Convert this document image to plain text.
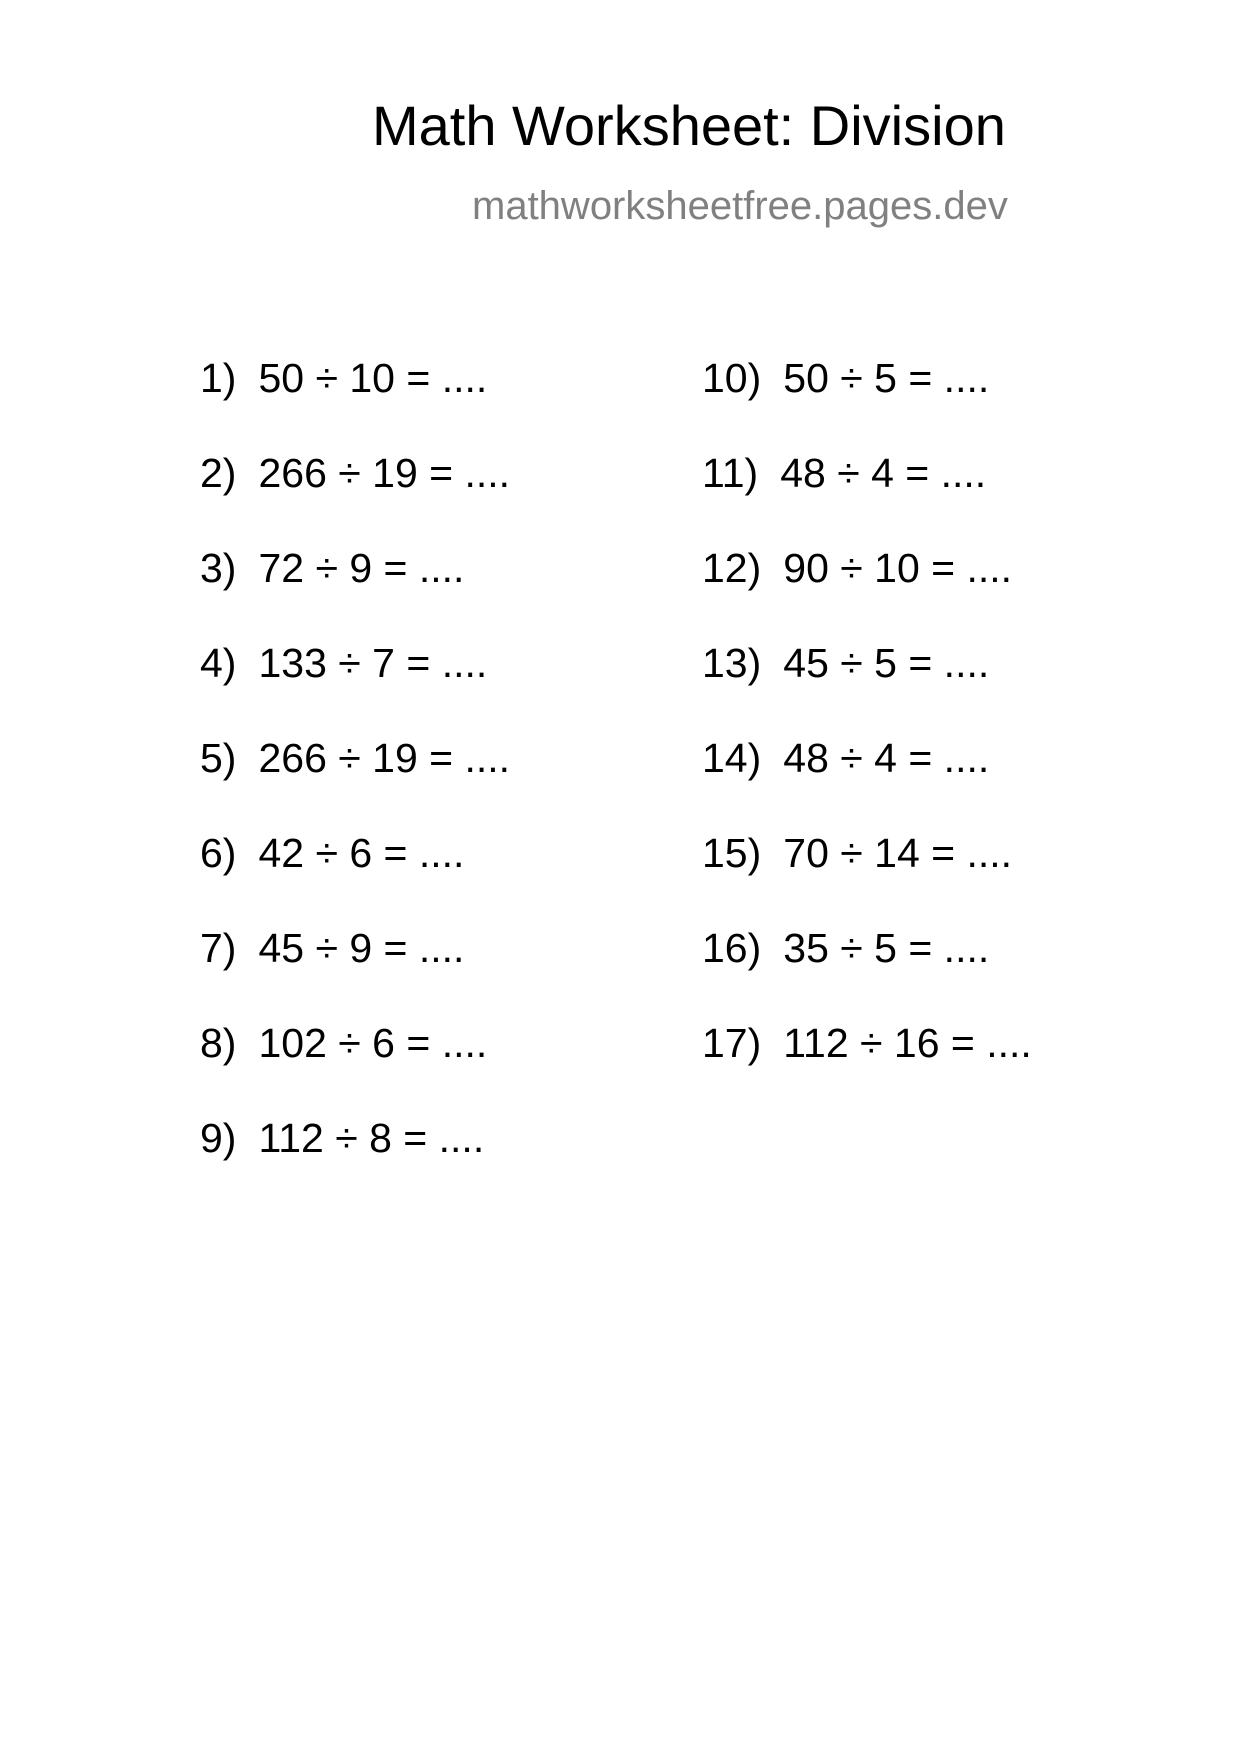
Math Worksheet: Division
mathworksheetfree.pages.dev
1) 50 ÷ 10 = ....
2) 266 ÷ 19 = ....
3) 72 ÷ 9 = ....
4) 133 ÷ 7 = ....
5) 266 ÷ 19 = ....
6) 42 ÷ 6 = ....
7) 45 ÷ 9 = ....
8) 102 ÷ 6 = ....
9) 112 ÷ 8 = ....
10) 50 ÷ 5 = ....
11) 48 ÷ 4 = ....
12) 90 ÷ 10 = ....
13) 45 ÷ 5 = ....
14) 48 ÷ 4 = ....
15) 70 ÷ 14 = ....
16) 35 ÷ 5 = ....
17) 112 ÷ 16 = ....
